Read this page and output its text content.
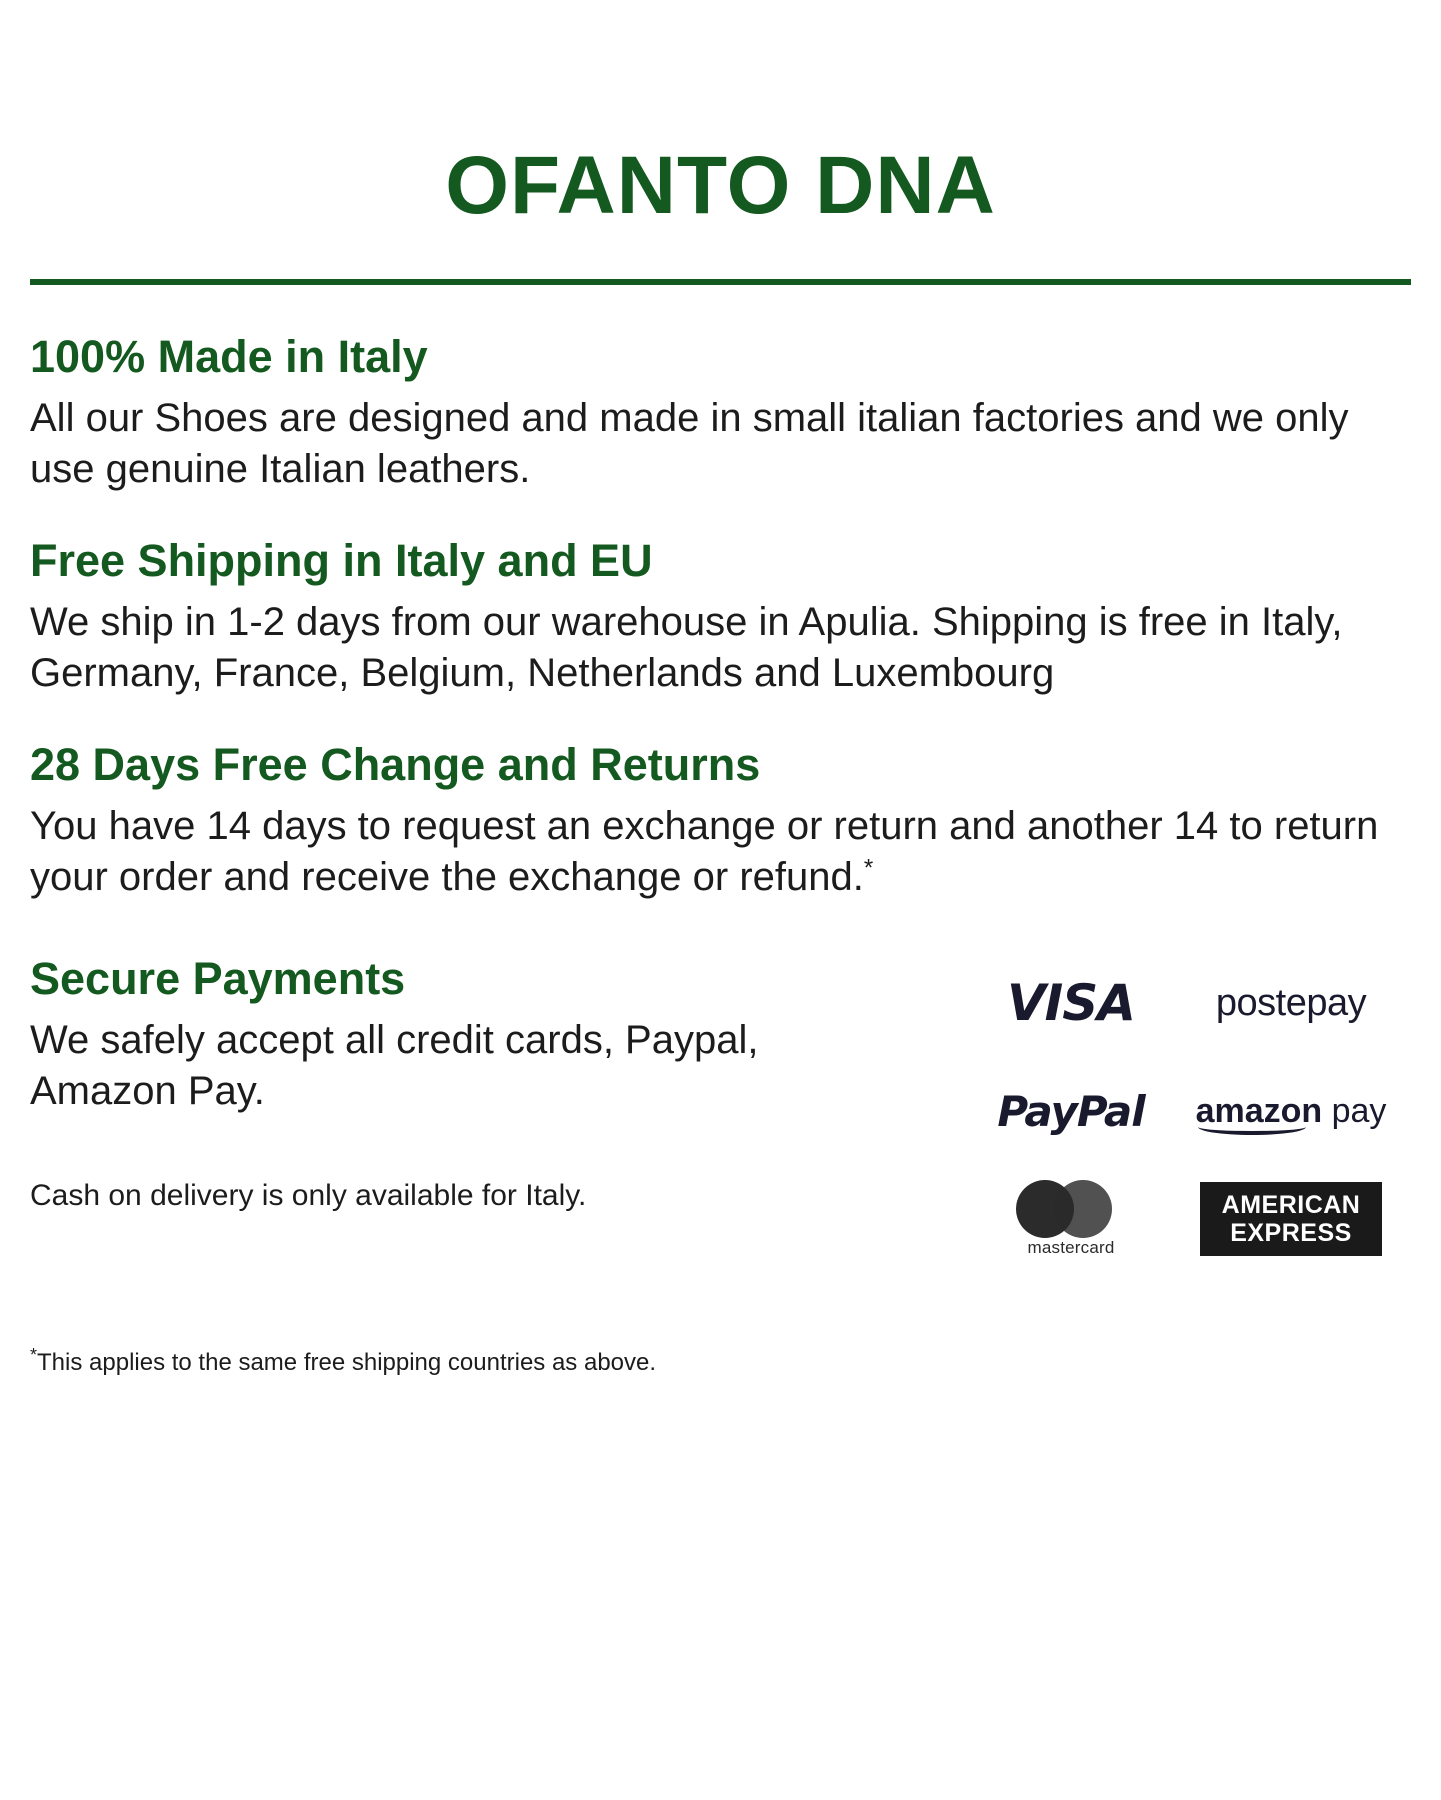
OFANTO DNA
100% Made in Italy

All our Shoes are designed and made in small italian factories and we only use genuine Italian leathers.

Free Shipping in Italy and EU

We ship in 1-2 days from our warehouse in Apulia. Shipping is free in Italy, Germany, France, Belgium, Netherlands and Luxembourg

28 Days Free Change and Returns

You have 14 days to request an exchange or return and another 14 to return your order and receive the exchange or refund.*

Secure Payments

We safely accept all credit cards, Paypal, Amazon Pay.

Cash on delivery is only available for Italy.

VISA postepay
PayPal amazon pay
mastercard
AMERICAN
EXPRESS

*This applies to the same free shipping countries as above.
